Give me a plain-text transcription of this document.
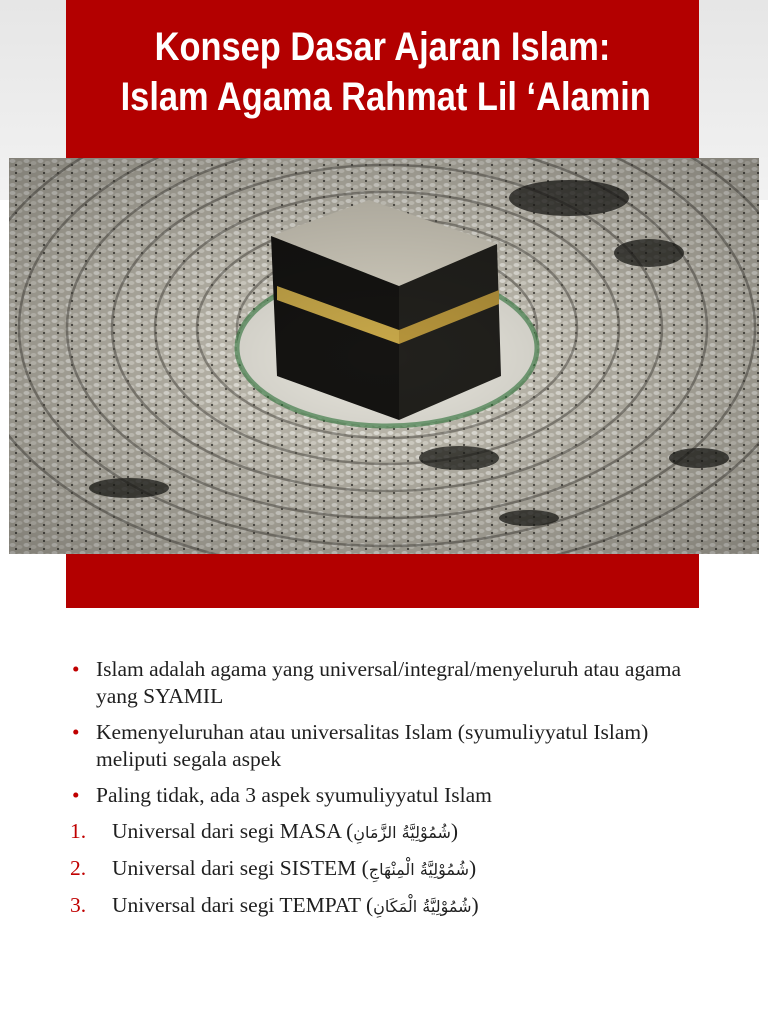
Konsep Dasar Ajaran Islam:
Islam Agama Rahmat Lil ‘Alamin
• Islam adalah agama yang universal/integral/menyeluruh atau agama yang SYAMIL
• Kemenyeluruhan atau universalitas Islam (syumuliyyatul Islam) meliputi segala aspek
• Paling tidak, ada 3 aspek syumuliyyatul Islam
1. Universal dari segi MASA (شُمُوْلِيَّةُ الزَّمَانِ)
2. Universal dari segi SISTEM (شُمُوْلِيَّةُ الْمِنْهَاجِ)
3. Universal dari segi TEMPAT (شُمُوْلِيَّةُ الْمَكَانِ)
